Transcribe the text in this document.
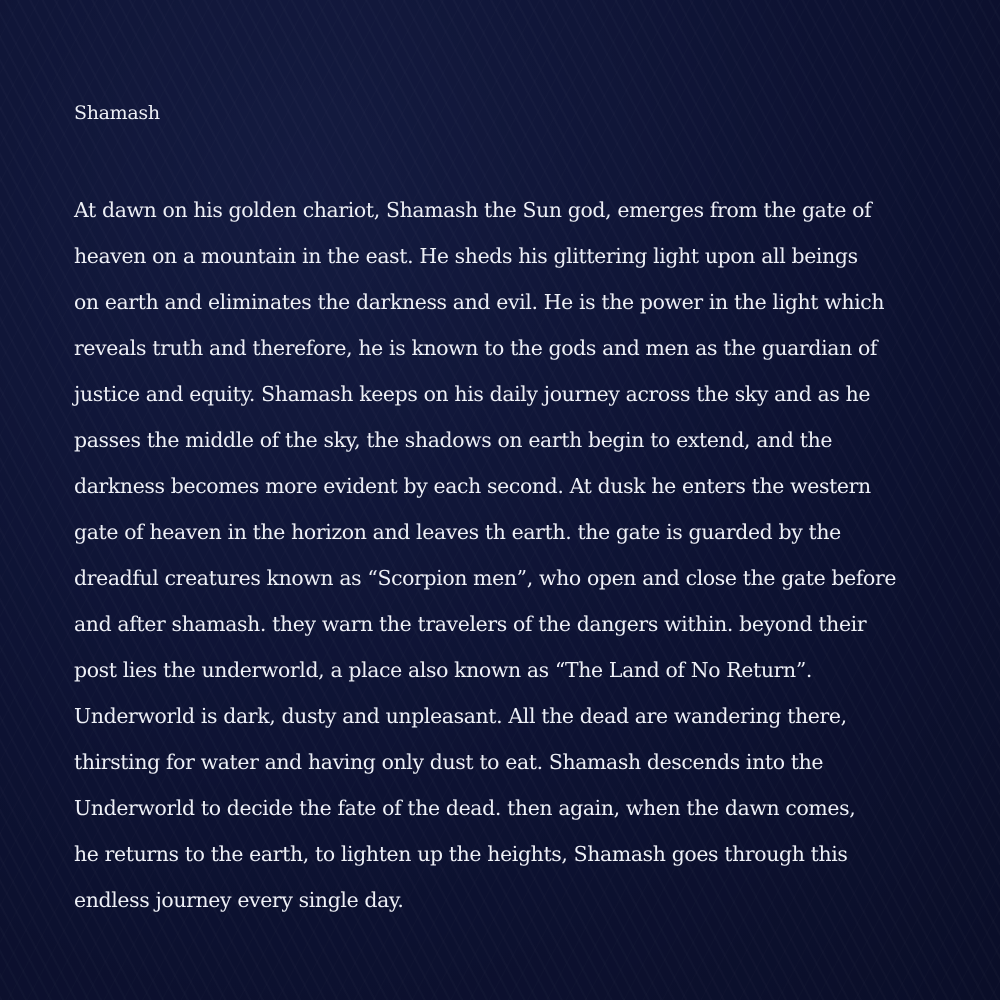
Shamash
At dawn on his golden chariot, Shamash the Sun god, emerges from the gate of
heaven on a mountain in the east. He sheds his glittering light upon all beings
on earth and eliminates the darkness and evil. He is the power in the light which
reveals truth and therefore, he is known to the gods and men as the guardian of
justice and equity. Shamash keeps on his daily journey across the sky and as he
passes the middle of the sky, the shadows on earth begin to extend, and the
darkness becomes more evident by each second. At dusk he enters the western
gate of heaven in the horizon and leaves th earth. the gate is guarded by the
dreadful creatures known as “Scorpion men”, who open and close the gate before
and after shamash. they warn the travelers of the dangers within. beyond their
post lies the underworld, a place also known as “The Land of No Return”.
Underworld is dark, dusty and unpleasant. All the dead are wandering there,
thirsting for water and having only dust to eat. Shamash descends into the
Underworld to decide the fate of the dead. then again, when the dawn comes,
he returns to the earth, to lighten up the heights, Shamash goes through this
endless journey every single day.
